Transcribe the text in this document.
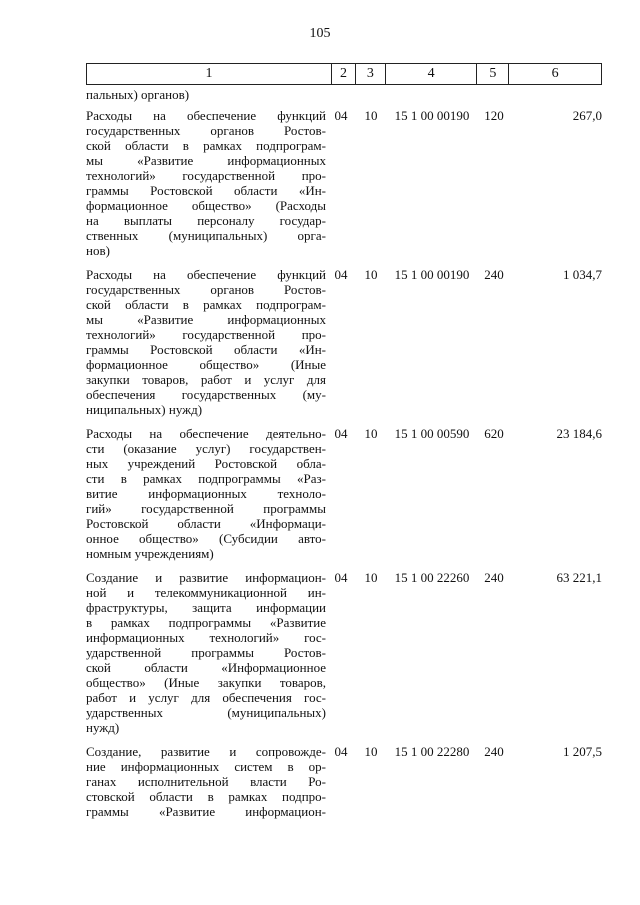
105
1	2	3	4	5	6
пальных) органов)
Расходы на обеспечение функций
государственных органов Ростов-
ской области в рамках подпрограм-
мы «Развитие информационных
технологий» государственной про-
граммы Ростовской области «Ин-
формационное общество» (Расходы
на выплаты персоналу государ-
ственных (муниципальных) орга-
нов)
04	10	15 1 00 00190	120	267,0
Расходы на обеспечение функций
государственных органов Ростов-
ской области в рамках подпрограм-
мы «Развитие информационных
технологий» государственной про-
граммы Ростовской области «Ин-
формационное общество» (Иные
закупки товаров, работ и услуг для
обеспечения государственных (му-
ниципальных) нужд)
04	10	15 1 00 00190	240	1 034,7
Расходы на обеспечение деятельно-
сти (оказание услуг) государствен-
ных учреждений Ростовской обла-
сти в рамках подпрограммы «Раз-
витие информационных техноло-
гий» государственной программы
Ростовской области «Информаци-
онное общество» (Субсидии авто-
номным учреждениям)
04	10	15 1 00 00590	620	23 184,6
Создание и развитие информацион-
ной и телекоммуникационной ин-
фраструктуры, защита информации
в рамках подпрограммы «Развитие
информационных технологий» гос-
ударственной программы Ростов-
ской области «Информационное
общество» (Иные закупки товаров,
работ и услуг для обеспечения гос-
ударственных (муниципальных)
нужд)
04	10	15 1 00 22260	240	63 221,1
Создание, развитие и сопровожде-
ние информационных систем в ор-
ганах исполнительной власти Ро-
стовской области в рамках подпро-
граммы «Развитие информацион-
04	10	15 1 00 22280	240	1 207,5
